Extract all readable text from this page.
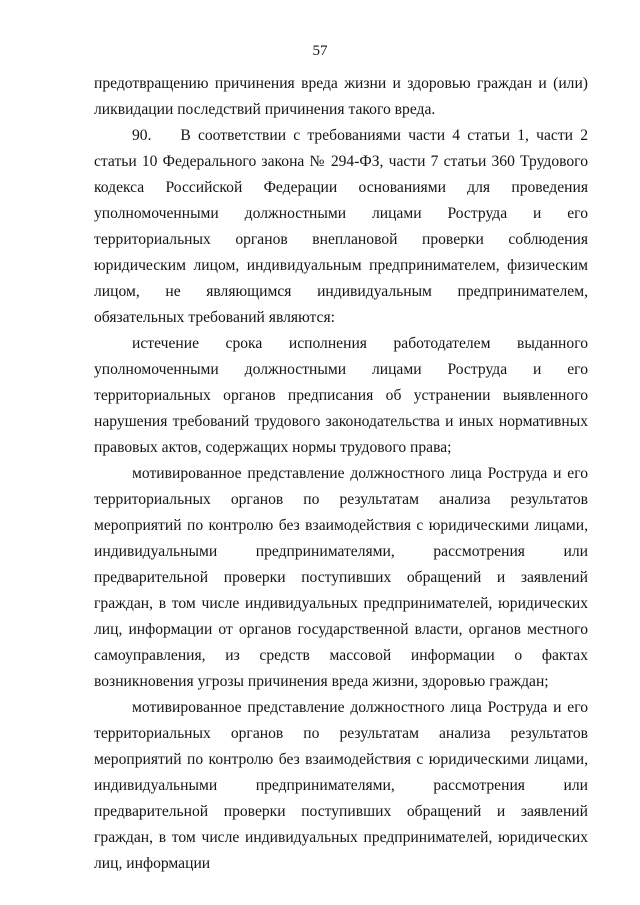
57

предотвращению причинения вреда жизни и здоровью граждан и (или) ликвидации последствий причинения такого вреда.

90.    В соответствии с требованиями части 4 статьи 1, части 2 статьи 10 Федерального закона № 294-ФЗ, части 7 статьи 360 Трудового кодекса Российской Федерации основаниями для проведения уполномоченными должностными лицами Роструда и его территориальных органов внеплановой проверки соблюдения юридическим лицом, индивидуальным предпринимателем, физическим лицом, не являющимся индивидуальным предпринимателем, обязательных требований являются:

истечение срока исполнения работодателем выданного уполномоченными должностными лицами Роструда и его территориальных органов предписания об устранении выявленного нарушения требований трудового законодательства и иных нормативных правовых актов, содержащих нормы трудового права;

мотивированное представление должностного лица Роструда и его территориальных органов по результатам анализа результатов мероприятий по контролю без взаимодействия с юридическими лицами, индивидуальными предпринимателями, рассмотрения или предварительной проверки поступивших обращений и заявлений граждан, в том числе индивидуальных предпринимателей, юридических лиц, информации от органов государственной власти, органов местного самоуправления, из средств массовой информации о фактах возникновения угрозы причинения вреда жизни, здоровью граждан;

мотивированное представление должностного лица Роструда и его территориальных органов по результатам анализа результатов мероприятий по контролю без взаимодействия с юридическими лицами, индивидуальными предпринимателями, рассмотрения или предварительной проверки поступивших обращений и заявлений граждан, в том числе индивидуальных предпринимателей, юридических лиц, информации
